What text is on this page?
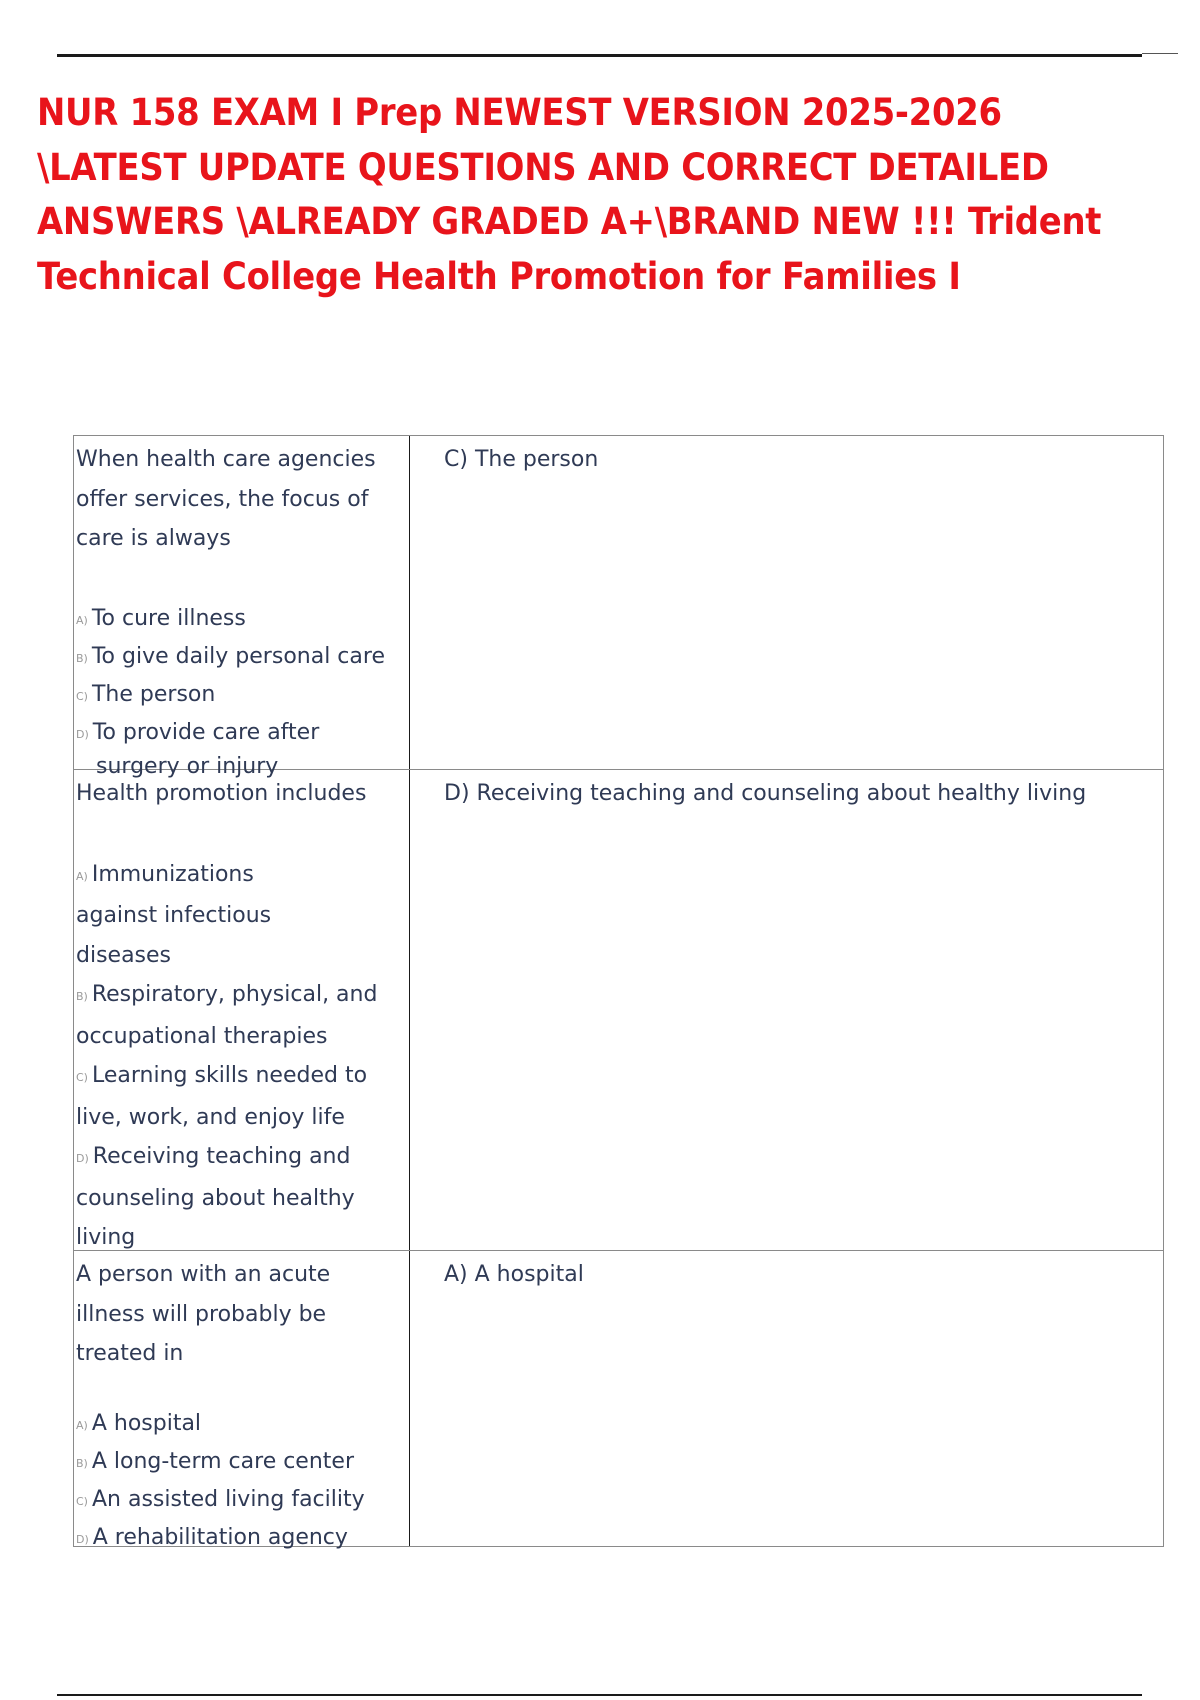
NUR 158 EXAM I Prep NEWEST VERSION 2025-2026
\LATEST UPDATE QUESTIONS AND CORRECT DETAILED
ANSWERS \ALREADY GRADED A+\BRAND NEW !!! Trident
Technical College Health Promotion for Families I
When health care agencies
offer services, the focus of
care is always
A) To cure illness
B) To give daily personal care
C) The person
D) To provide care after
surgery or injury
C) The person
Health promotion includes
A) Immunizations
against infectious
diseases
B) Respiratory, physical, and
occupational therapies
C) Learning skills needed to
live, work, and enjoy life
D) Receiving teaching and
counseling about healthy
living
D) Receiving teaching and counseling about healthy living
A person with an acute
illness will probably be
treated in
A) A hospital
B) A long-term care center
C) An assisted living facility
D) A rehabilitation agency
A) A hospital
